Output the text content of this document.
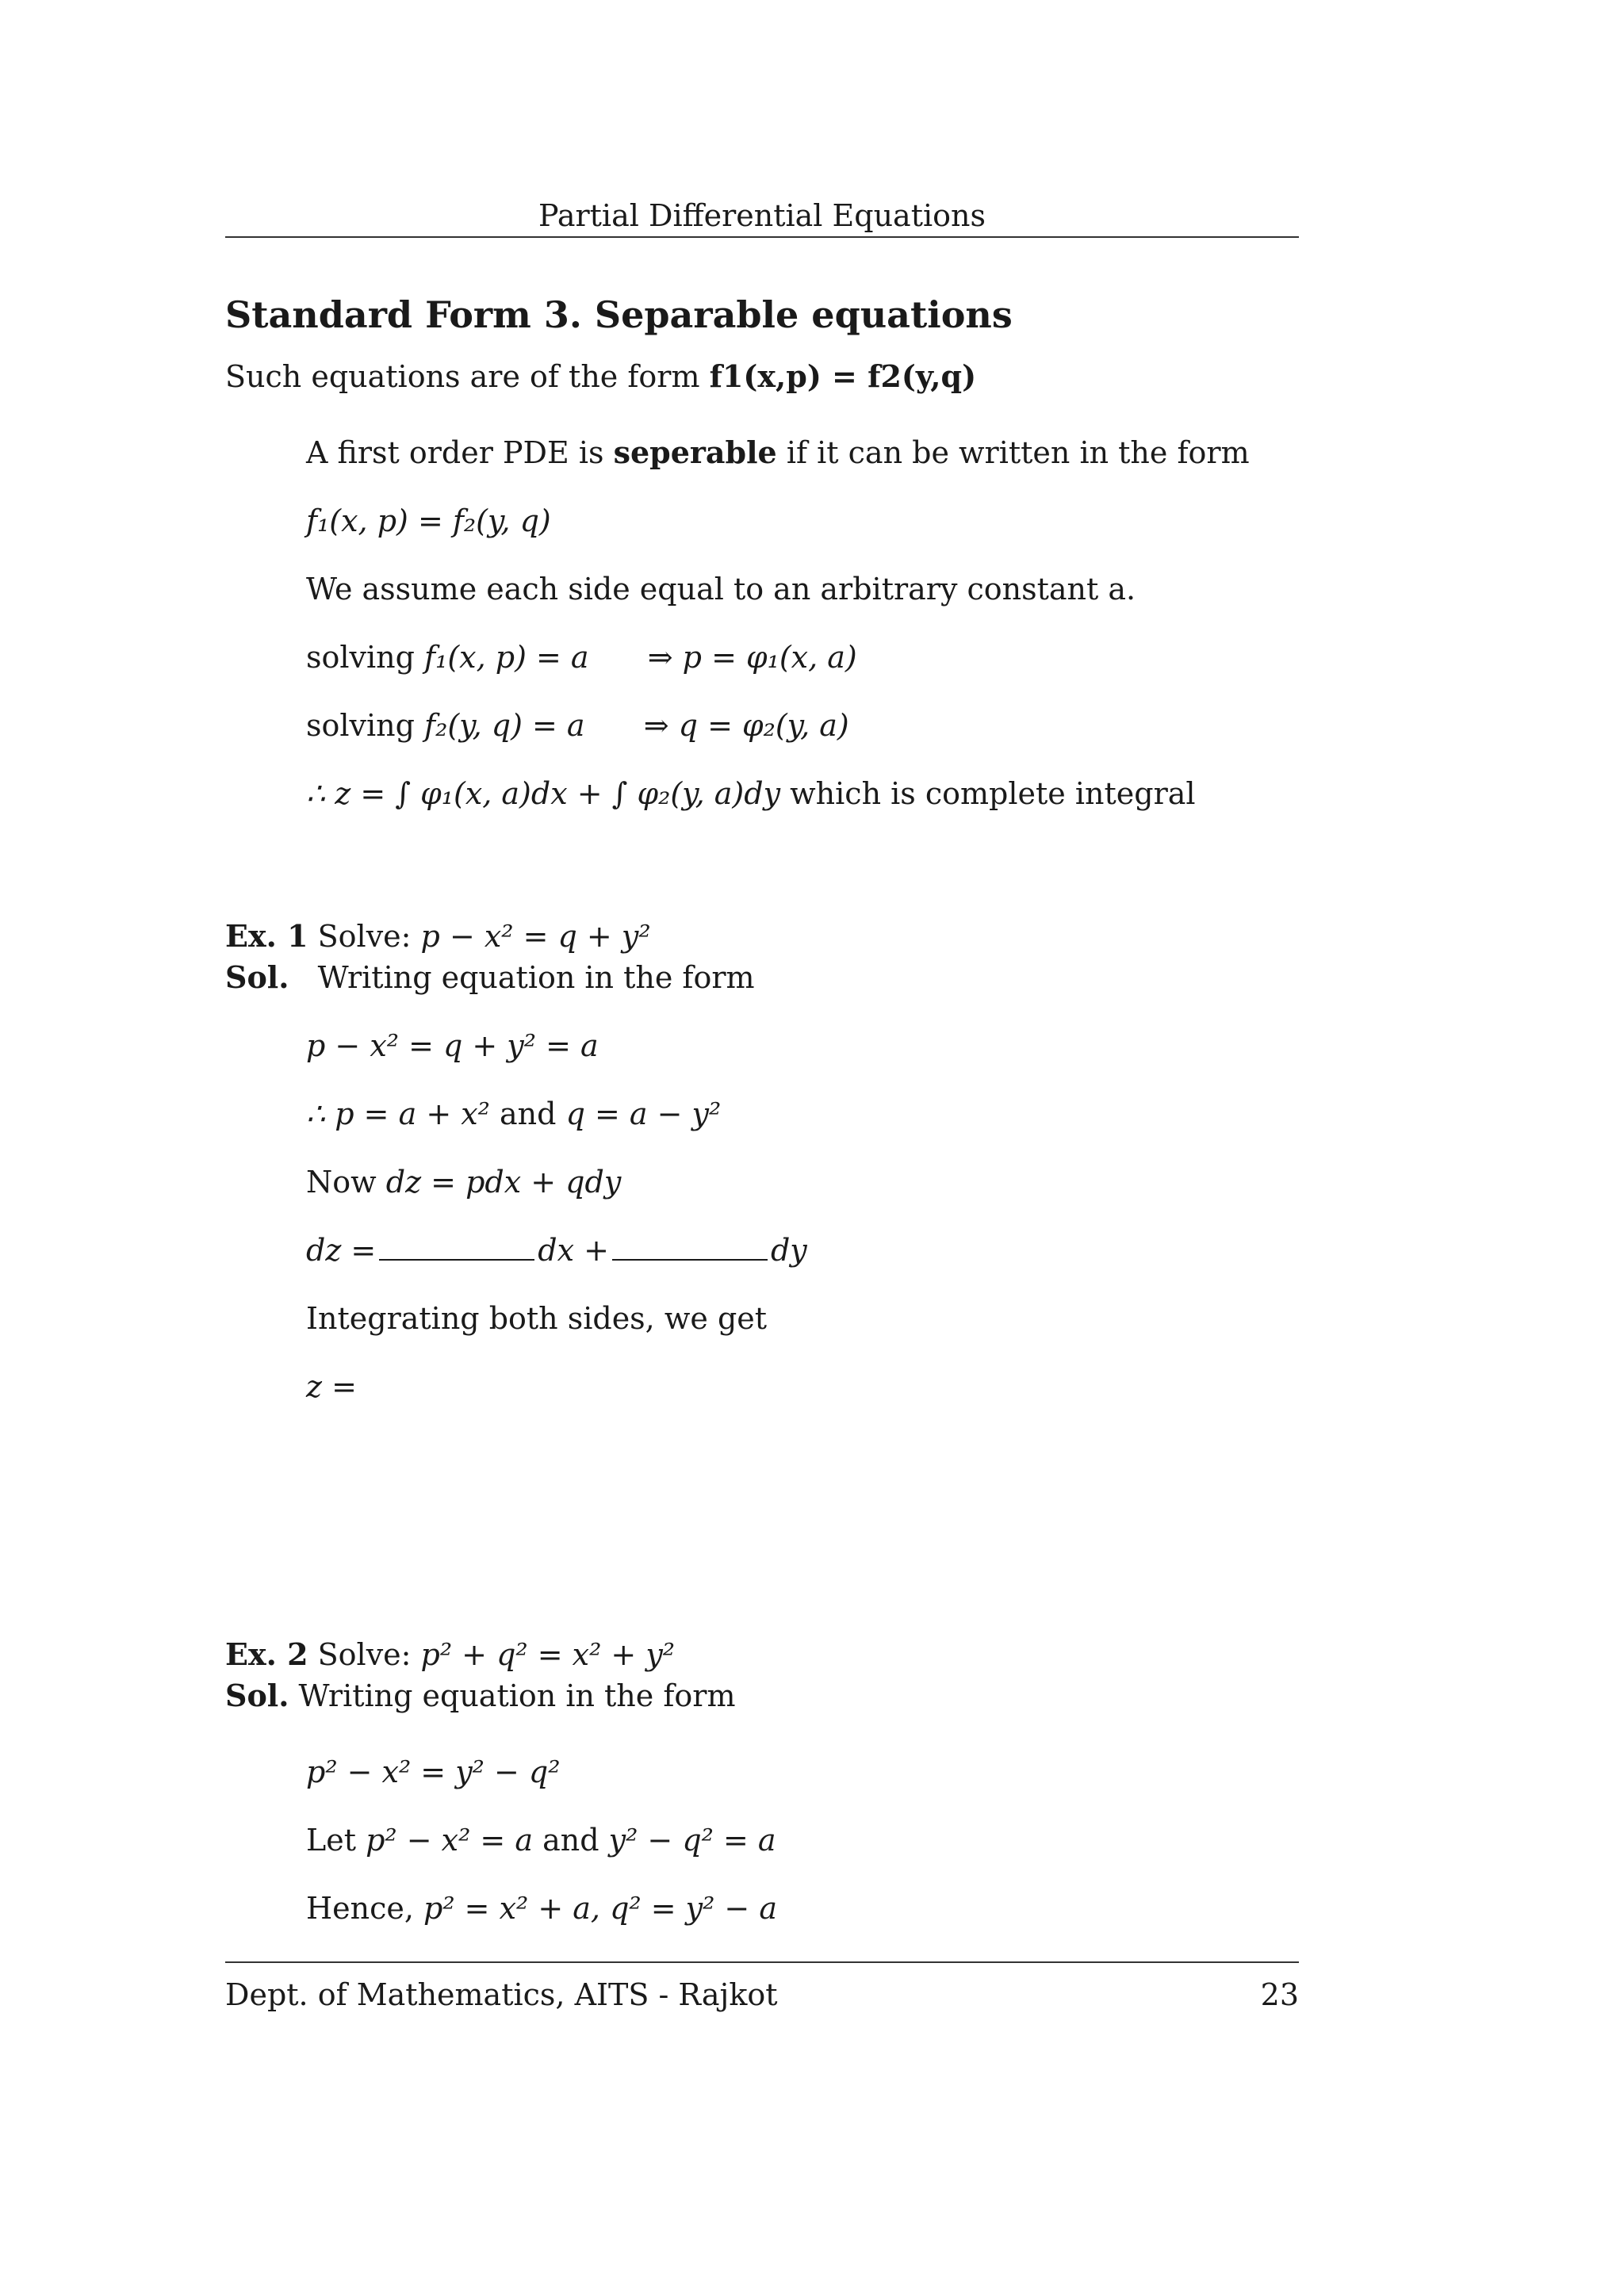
Partial Differential Equations
Standard Form 3. Separable equations
Such equations are of the form f1(x,p) = f2(y,q)
A first order PDE is seperable if it can be written in the form
f₁(x, p) = f₂(y, q)
We assume each side equal to an arbitrary constant a.
solving f₁(x, p) = a ⇒ p = φ₁(x, a)
solving f₂(y, q) = a ⇒ q = φ₂(y, a)
∴ z = ∫ φ₁(x, a)dx + ∫ φ₂(y, a)dy which is complete integral
Ex. 1 Solve: p − x² = q + y²
Sol. Writing equation in the form
p − x² = q + y² = a
∴ p = a + x² and q = a − y²
Now dz = pdx + qdy
dz =	dx +	dy
Integrating both sides, we get
z =
Ex. 2 Solve: p² + q² = x² + y²
Sol. Writing equation in the form
p² − x² = y² − q²
Let p² − x² = a and y² − q² = a
Hence, p² = x² + a, q² = y² − a
Dept. of Mathematics, AITS - Rajkot	23
